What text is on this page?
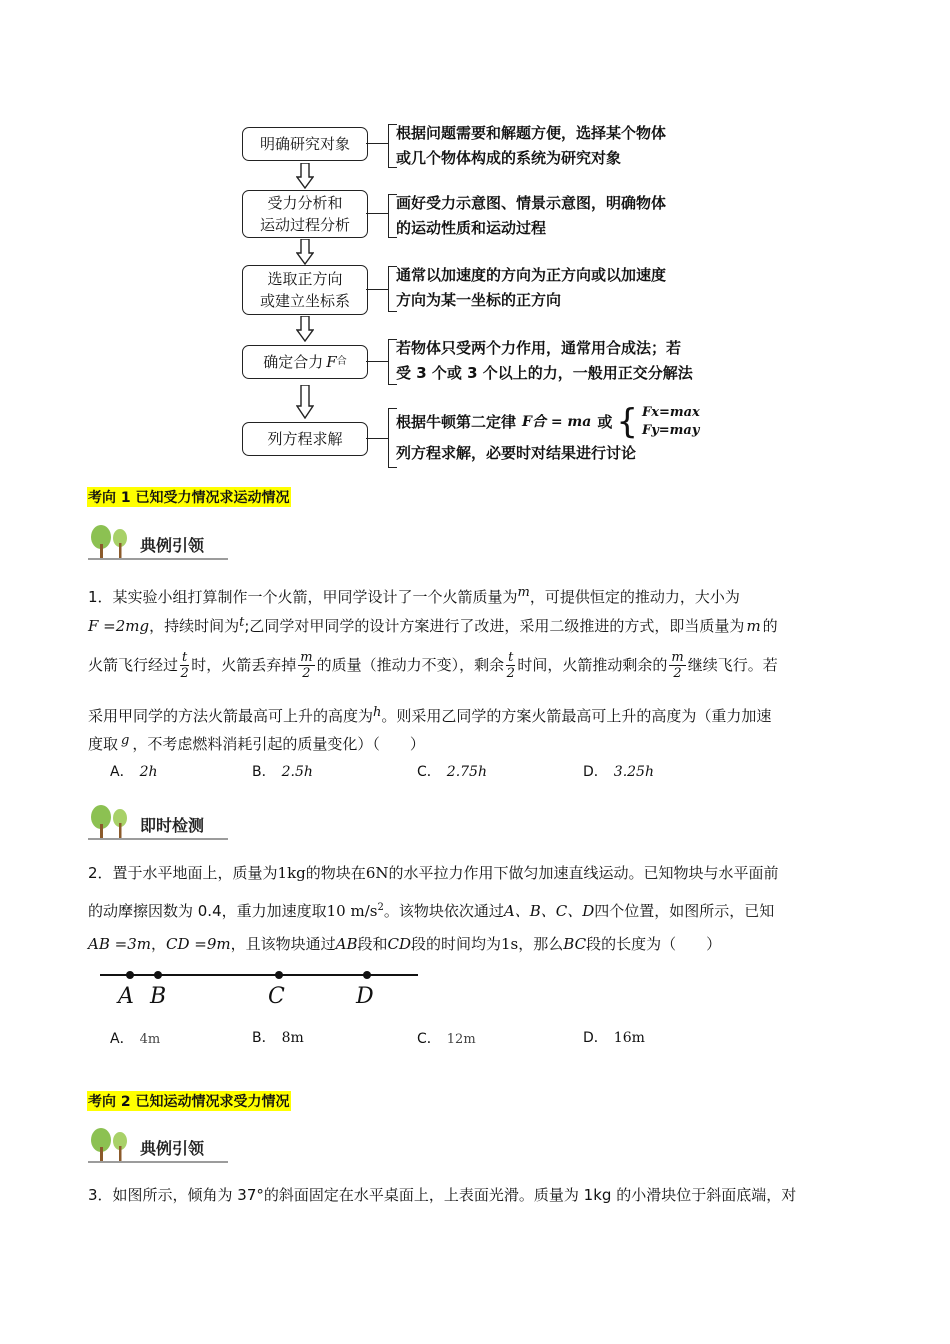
明确研究对象
根据问题需要和解题方便，选择某个物体
或几个物体构成的系统为研究对象
受力分析和
运动过程分析
画好受力示意图、情景示意图，明确物体
的运动性质和运动过程
选取正方向
或建立坐标系
通常以加速度的方向为正方向或以加速度
方向为某一坐标的正方向
确定合力 F 合
若物体只受两个力作用，通常用合成法；若
受 3 个或 3 个以上的力，一般用正交分解法
列方程求解
根据牛顿第二定律 F合 = ma 或 { Fx=max
Fy=may
列方程求解，必要时对结果进行讨论
考向 1 已知受力情况求运动情况
典例引领
1．某实验小组打算制作一个火箭，甲同学设计了一个火箭质量为m，可提供恒定的推动力，大小为
F =2mg，持续时间为t;乙同学对甲同学的设计方案进行了改进，采用二级推进的方式，即当质量为 m 的
火箭飞行经过 $\frac{t}{2}$ 时，火箭丢弃掉 $\frac{m}{2}$ 的质量（推动力不变），剩余 $\frac{t}{2}$ 时间，火箭推动剩余的 $\frac{m}{2}$ 继续飞行。若
采用甲同学的方法火箭最高可上升的高度为h。则采用乙同学的方案火箭最高可上升的高度为（重力加速
度取 g ，不考虑燃料消耗引起的质量变化）（　　）
A． 2h	B． 2.5h	C． 2.75h	D． 3.25h
即时检测
2．置于水平地面上，质量为1kg的物块在6N的水平拉力作用下做匀加速直线运动。已知物块与水平面前
的动摩擦因数为 0.4，重力加速度取10 $m/s^2$。该物块依次通过A、B、C、D四个位置，如图所示，已知
AB =3m，CD =9m，且该物块通过AB段和CD段的时间均为1s，那么BC段的长度为（　　）
A B	C	D
A． 4m	B． 8m	C． 12m	D． 16m
考向 2 已知运动情况求受力情况
典例引领
3．如图所示，倾角为 37°的斜面固定在水平桌面上，上表面光滑。质量为 1kg 的小滑块位于斜面底端，对
